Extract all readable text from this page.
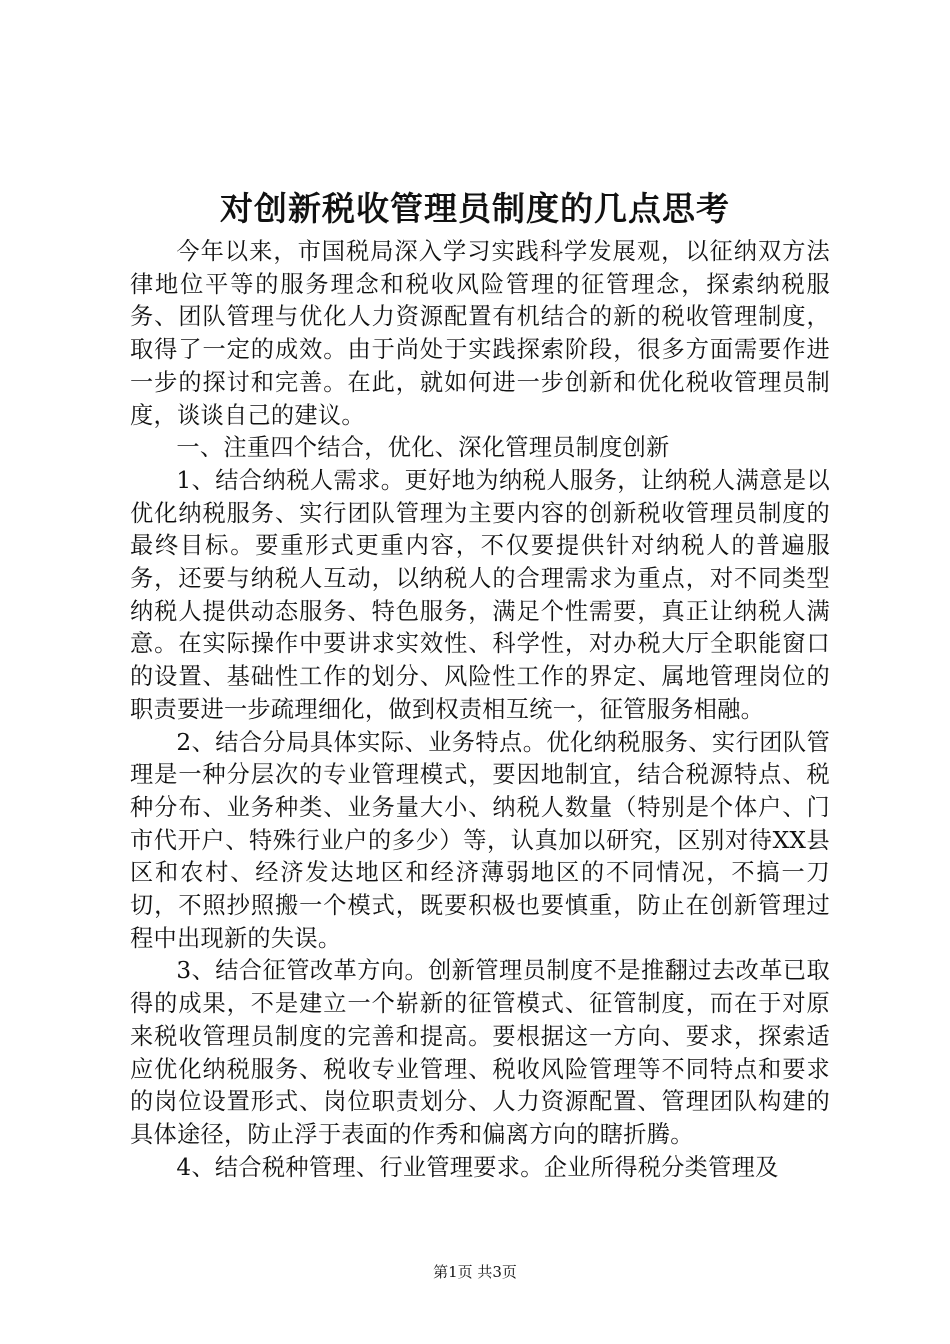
对创新税收管理员制度的几点思考

今年以来，市国税局深入学习实践科学发展观，以征纳双方法律地位平等的服务理念和税收风险管理的征管理念，探索纳税服务、团队管理与优化人力资源配置有机结合的新的税收管理制度，取得了一定的成效。由于尚处于实践探索阶段，很多方面需要作进一步的探讨和完善。在此，就如何进一步创新和优化税收管理员制度，谈谈自己的建议。

一、注重四个结合，优化、深化管理员制度创新

1、结合纳税人需求。更好地为纳税人服务，让纳税人满意是以优化纳税服务、实行团队管理为主要内容的创新税收管理员制度的最终目标。要重形式更重内容，不仅要提供针对纳税人的普遍服务，还要与纳税人互动，以纳税人的合理需求为重点，对不同类型纳税人提供动态服务、特色服务，满足个性需要，真正让纳税人满意。在实际操作中要讲求实效性、科学性，对办税大厅全职能窗口的设置、基础性工作的划分、风险性工作的界定、属地管理岗位的职责要进一步疏理细化，做到权责相互统一，征管服务相融。

2、结合分局具体实际、业务特点。优化纳税服务、实行团队管理是一种分层次的专业管理模式，要因地制宜，结合税源特点、税种分布、业务种类、业务量大小、纳税人数量（特别是个体户、门市代开户、特殊行业户的多少）等，认真加以研究，区别对待XX县区和农村、经济发达地区和经济薄弱地区的不同情况，不搞一刀切，不照抄照搬一个模式，既要积极也要慎重，防止在创新管理过程中出现新的失误。

3、结合征管改革方向。创新管理员制度不是推翻过去改革已取得的成果，不是建立一个崭新的征管模式、征管制度，而在于对原来税收管理员制度的完善和提高。要根据这一方向、要求，探索适应优化纳税服务、税收专业管理、税收风险管理等不同特点和要求的岗位设置形式、岗位职责划分、人力资源配置、管理团队构建的具体途径，防止浮于表面的作秀和偏离方向的瞎折腾。

4、结合税种管理、行业管理要求。企业所得税分类管理及

第1页 共3页
